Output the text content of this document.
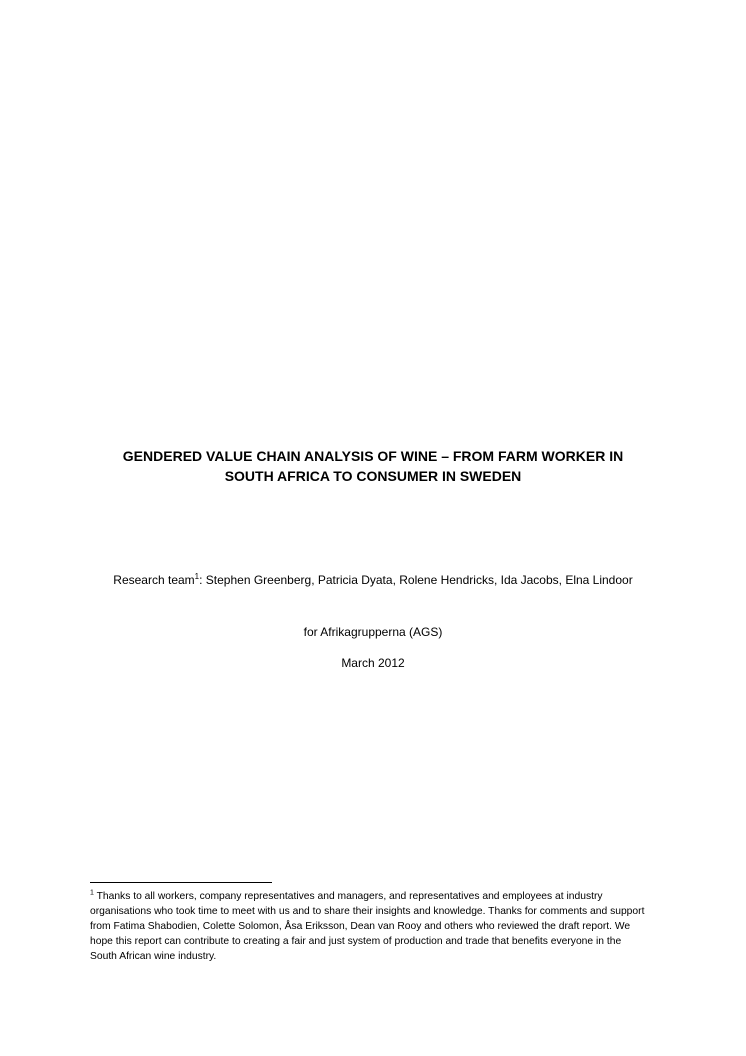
GENDERED VALUE CHAIN ANALYSIS OF WINE – FROM FARM WORKER IN
SOUTH AFRICA TO CONSUMER IN SWEDEN
Research team$^1$: Stephen Greenberg, Patricia Dyata, Rolene Hendricks, Ida Jacobs, Elna Lindoor
for Afrikagrupperna (AGS)
March 2012
$^1$ Thanks to all workers, company representatives and managers, and representatives and employees at industry organisations who took time to meet with us and to share their insights and knowledge. Thanks for comments and support from Fatima Shabodien, Colette Solomon, Åsa Eriksson, Dean van Rooy and others who reviewed the draft report. We hope this report can contribute to creating a fair and just system of production and trade that benefits everyone in the South African wine industry.
